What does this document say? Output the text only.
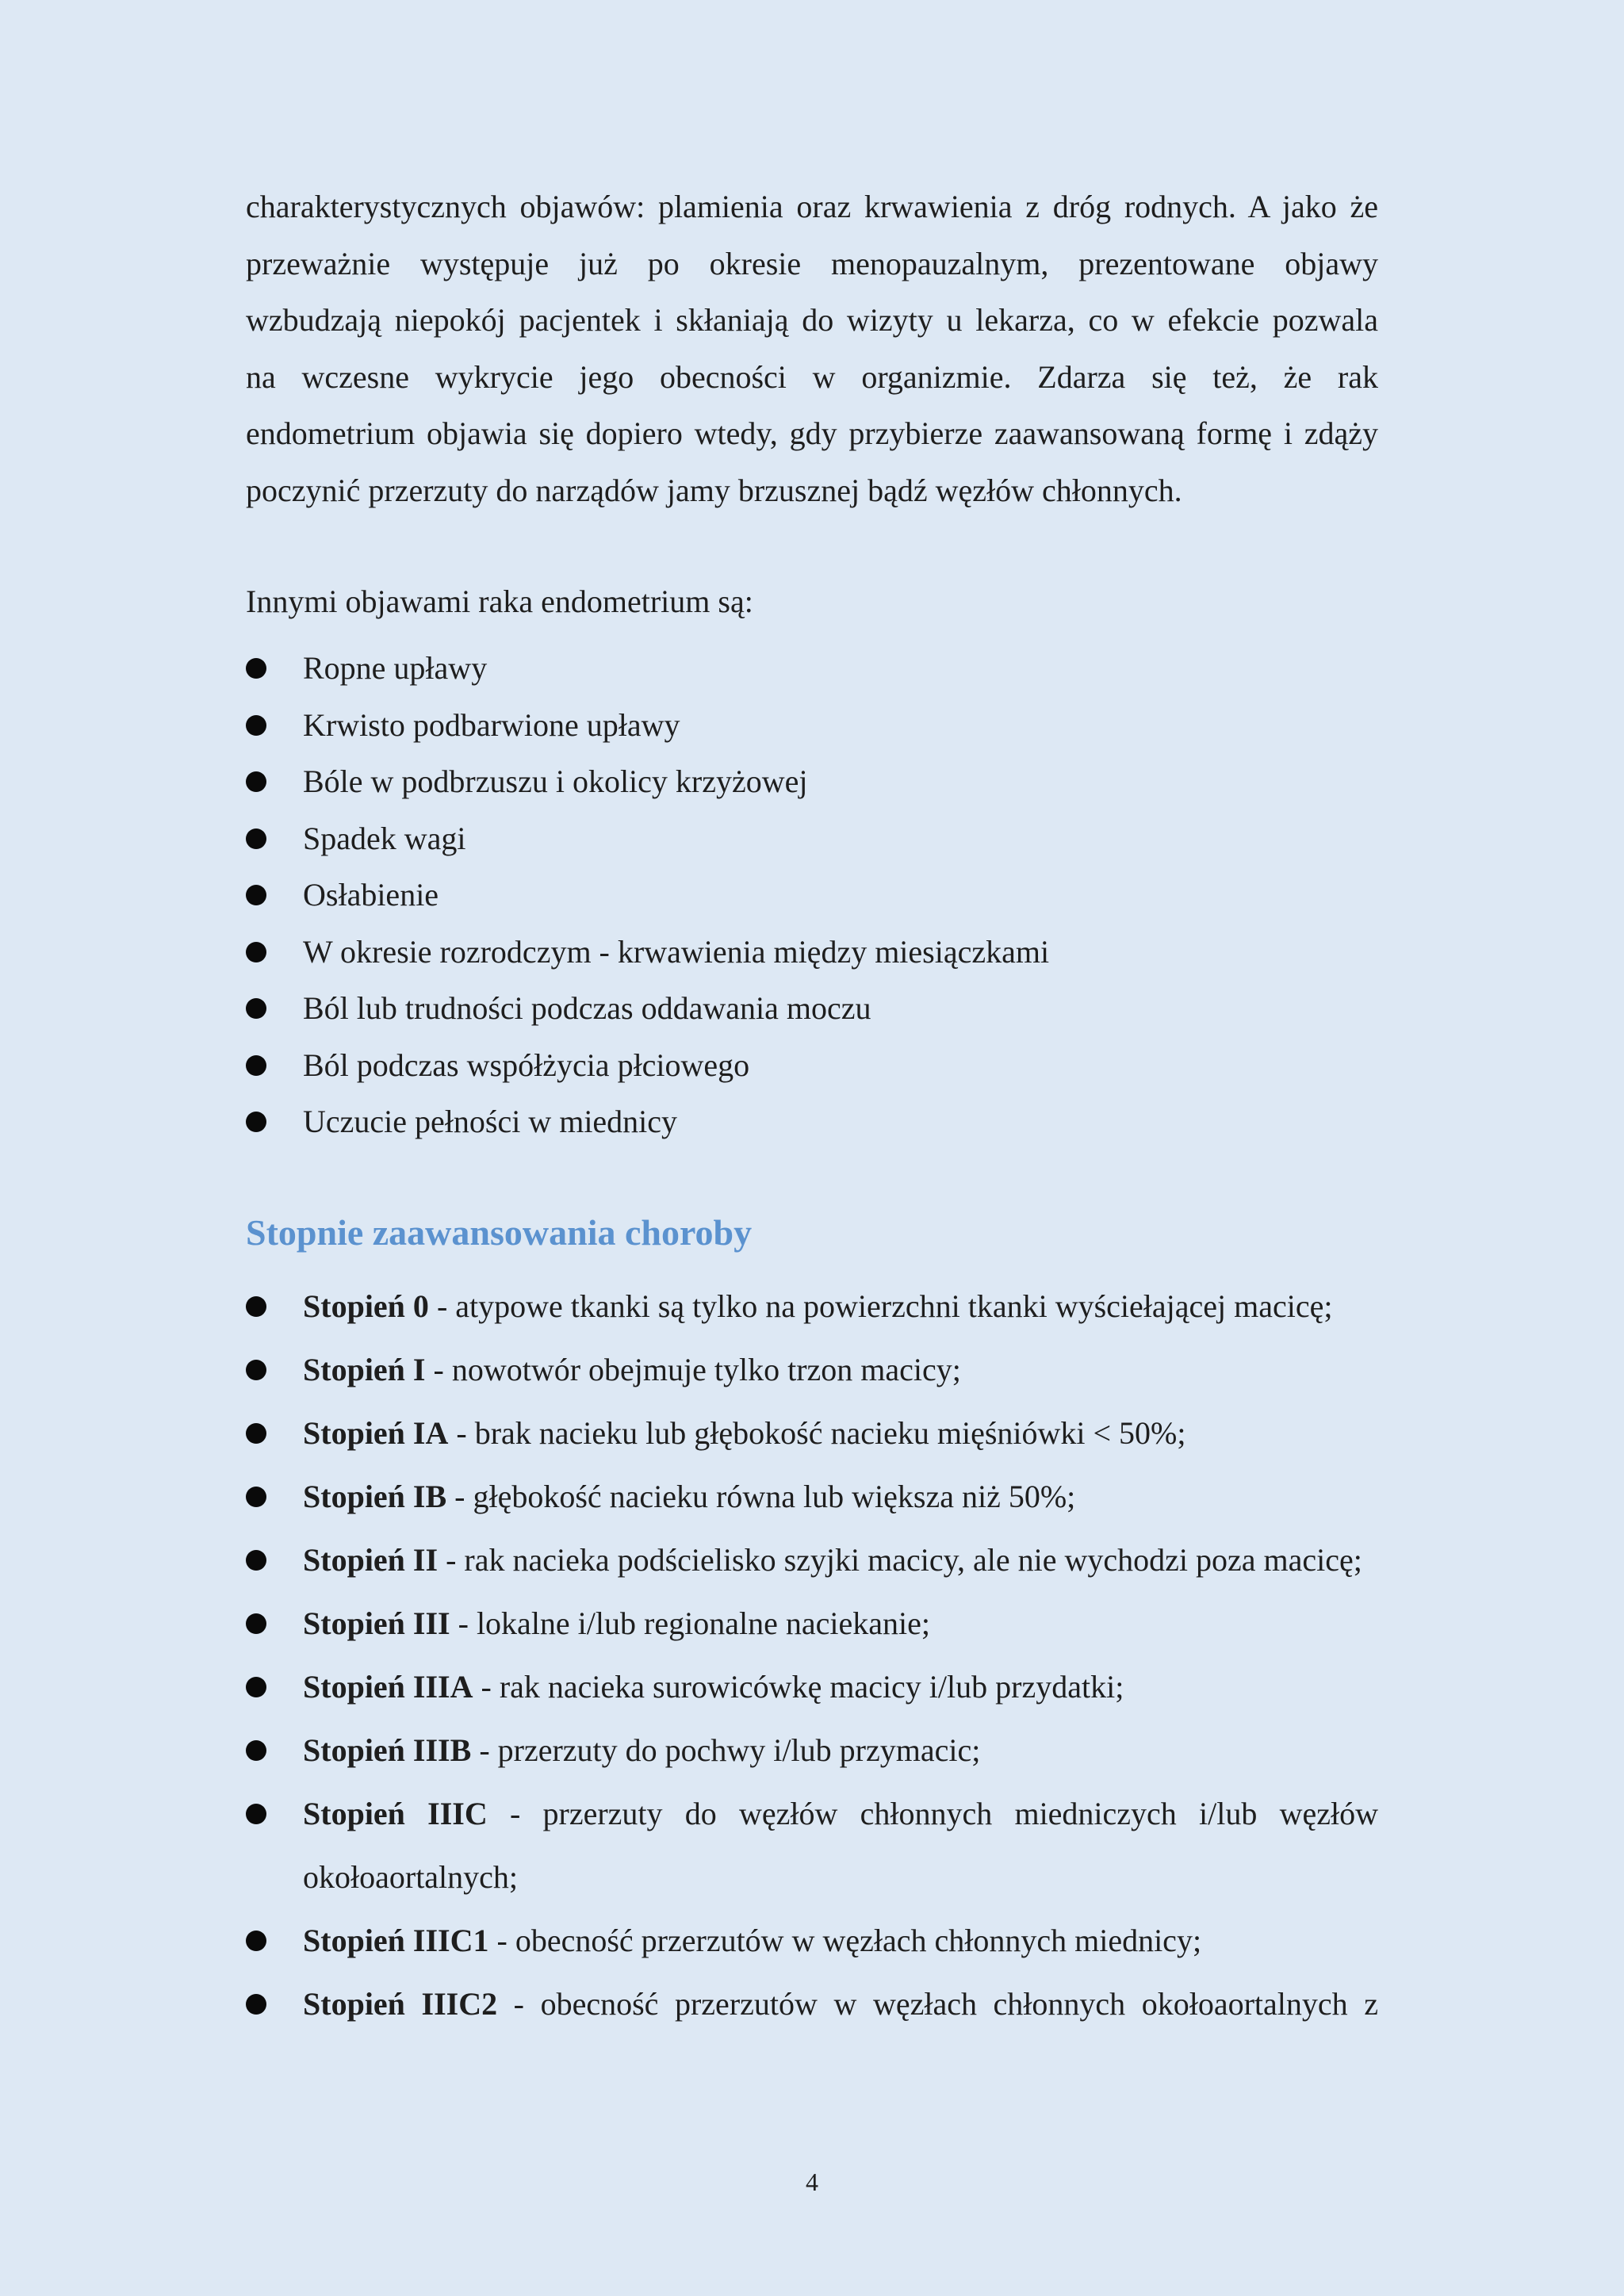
charakterystycznych objawów: plamienia oraz krwawienia z dróg rodnych. A jako że
przeważnie występuje już po okresie menopauzalnym, prezentowane objawy
wzbudzają niepokój pacjentek i skłaniają do wizyty u lekarza, co w efekcie pozwala
na wczesne wykrycie jego obecności w organizmie. Zdarza się też, że rak
endometrium objawia się dopiero wtedy, gdy przybierze zaawansowaną formę i zdąży
poczynić przerzuty do narządów jamy brzusznej bądź węzłów chłonnych.
Innymi objawami raka endometrium są:
Ropne upławy
Krwisto podbarwione upławy
Bóle w podbrzuszu i okolicy krzyżowej
Spadek wagi
Osłabienie
W okresie rozrodczym - krwawienia między miesiączkami
Ból lub trudności podczas oddawania moczu
Ból podczas współżycia płciowego
Uczucie pełności w miednicy
Stopnie zaawansowania choroby
Stopień 0 - atypowe tkanki są tylko na powierzchni tkanki wyściełającej macicę;
Stopień I - nowotwór obejmuje tylko trzon macicy;
Stopień IA - brak nacieku lub głębokość nacieku mięśniówki < 50%;
Stopień IB - głębokość nacieku równa lub większa niż 50%;
Stopień II - rak nacieka podścielisko szyjki macicy, ale nie wychodzi poza macicę;
Stopień III - lokalne i/lub regionalne naciekanie;
Stopień IIIA - rak nacieka surowicówkę macicy i/lub przydatki;
Stopień IIIB - przerzuty do pochwy i/lub przymacic;
Stopień IIIC - przerzuty do węzłów chłonnych miedniczych i/lub węzłów okołoaortalnych;
Stopień IIIC1 - obecność przerzutów w węzłach chłonnych miednicy;
Stopień IIIC2 - obecność przerzutów w węzłach chłonnych okołoaortalnych z
4
